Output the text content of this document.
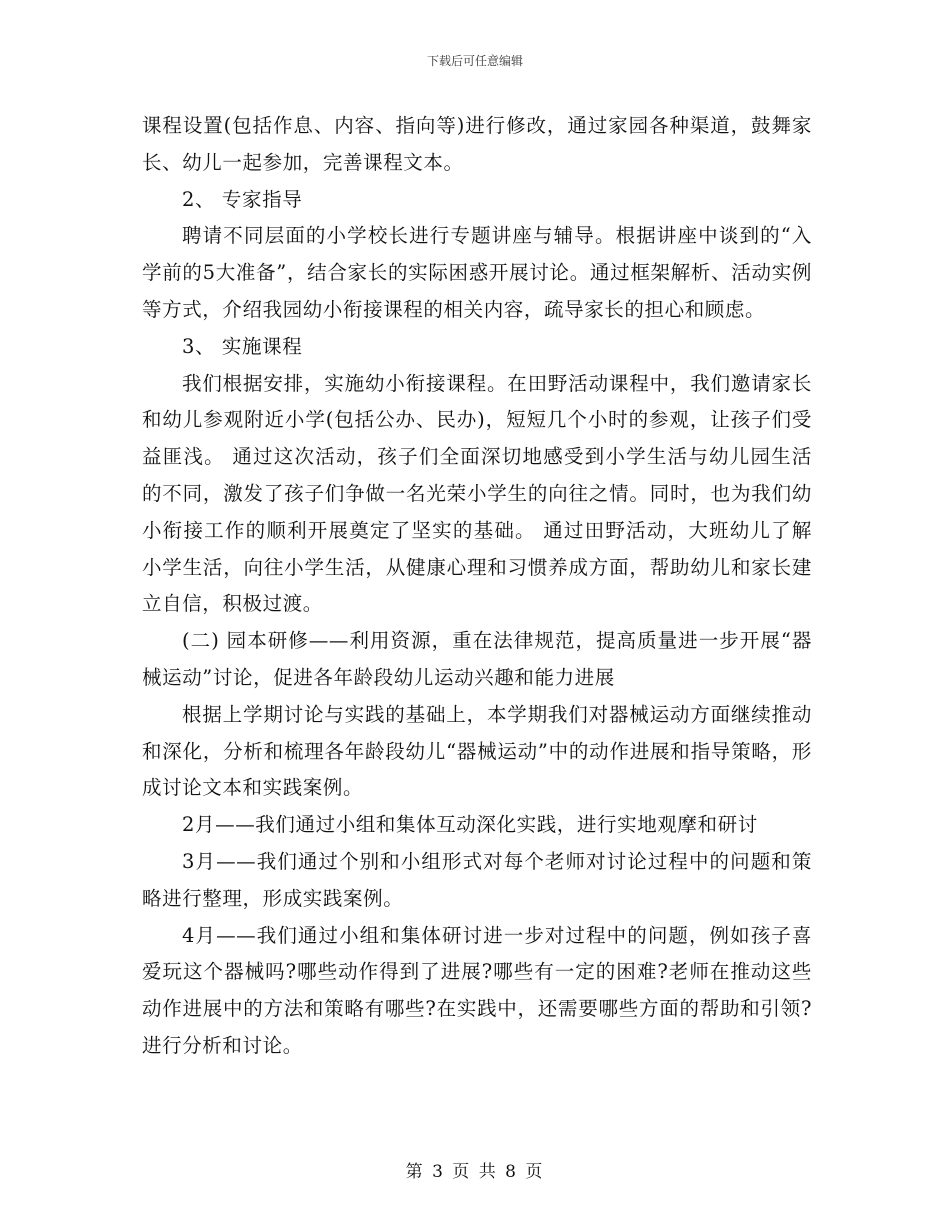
下载后可任意编辑

课程设置(包括作息、内容、指向等)进行修改，通过家园各种渠道，鼓舞家长、幼儿一起参加，完善课程文本。

2、 专家指导

聘请不同层面的小学校长进行专题讲座与辅导。根据讲座中谈到的“入学前的5大准备”，结合家长的实际困惑开展讨论。通过框架解析、活动实例等方式，介绍我园幼小衔接课程的相关内容，疏导家长的担心和顾虑。

3、 实施课程

我们根据安排，实施幼小衔接课程。在田野活动课程中，我们邀请家长和幼儿参观附近小学(包括公办、民办)，短短几个小时的参观，让孩子们受益匪浅。 通过这次活动，孩子们全面深切地感受到小学生活与幼儿园生活的不同，激发了孩子们争做一名光荣小学生的向往之情。同时，也为我们幼小衔接工作的顺利开展奠定了坚实的基础。 通过田野活动，大班幼儿了解小学生活，向往小学生活，从健康心理和习惯养成方面，帮助幼儿和家长建立自信，积极过渡。

(二) 园本研修——利用资源，重在法律规范，提高质量进一步开展“器械运动”讨论，促进各年龄段幼儿运动兴趣和能力进展

根据上学期讨论与实践的基础上，本学期我们对器械运动方面继续推动和深化，分析和梳理各年龄段幼儿“器械运动”中的动作进展和指导策略，形成讨论文本和实践案例。

2月——我们通过小组和集体互动深化实践，进行实地观摩和研讨

3月——我们通过个别和小组形式对每个老师对讨论过程中的问题和策略进行整理，形成实践案例。

4月——我们通过小组和集体研讨进一步对过程中的问题，例如孩子喜爱玩这个器械吗?哪些动作得到了进展?哪些有一定的困难?老师在推动这些动作进展中的方法和策略有哪些?在实践中，还需要哪些方面的帮助和引领?进行分析和讨论。

第 3 页 共 8 页
